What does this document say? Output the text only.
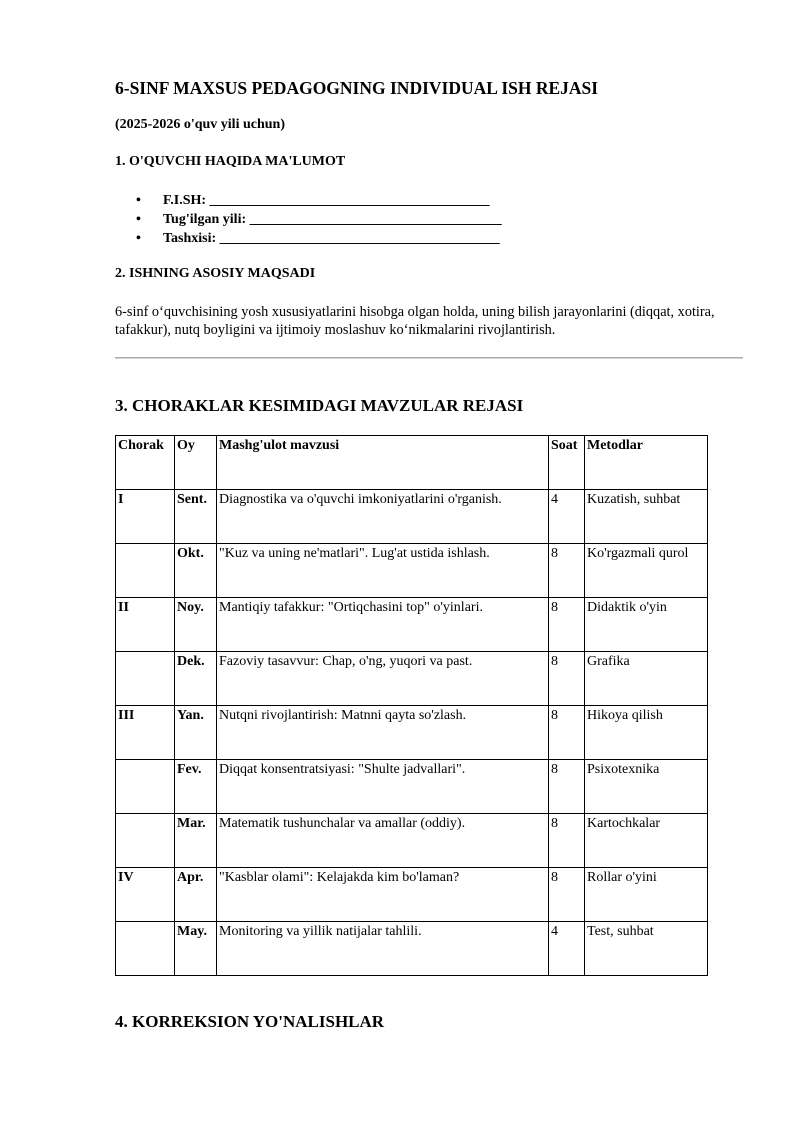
6-SINF MAXSUS PEDAGOGNING INDIVIDUAL ISH REJASI

(2025-2026 o'quv yili uchun)

1. O'QUVCHI HAQIDA MA'LUMOT
• F.I.SH: ________________________________________
• Tug'ilgan yili: ____________________________________
• Tashxisi: ________________________________________
2. ISHNING ASOSIY MAQSADI

6-sinf o‘quvchisining yosh xususiyatlarini hisobga olgan holda, uning bilish jarayonlarini (diqqat, xotira, tafakkur), nutq boyligini va ijtimoiy moslashuv ko‘nikmalarini rivojlantirish.

3. CHORAKLAR KESIMIDAGI MAVZULAR REJASI
Chorak	Oy	Mashg'ulot mavzusi	Soat	Metodlar
I	Sent.	Diagnostika va o'quvchi imkoniyatlarini o'rganish.	4	Kuzatish, suhbat
	Okt.	"Kuz va uning ne'matlari". Lug'at ustida ishlash.	8	Ko'rgazmali qurol
II	Noy.	Mantiqiy tafakkur: "Ortiqchasini top" o'yinlari.	8	Didaktik o'yin
	Dek.	Fazoviy tasavvur: Chap, o'ng, yuqori va past.	8	Grafika
III	Yan.	Nutqni rivojlantirish: Matnni qayta so'zlash.	8	Hikoya qilish
	Fev.	Diqqat konsentratsiyasi: "Shulte jadvallari".	8	Psixotexnika
	Mar.	Matematik tushunchalar va amallar (oddiy).	8	Kartochkalar
IV	Apr.	"Kasblar olami": Kelajakda kim bo'laman?	8	Rollar o'yini
	May.	Monitoring va yillik natijalar tahlili.	4	Test, suhbat
4. KORREKSION YO'NALISHLAR
